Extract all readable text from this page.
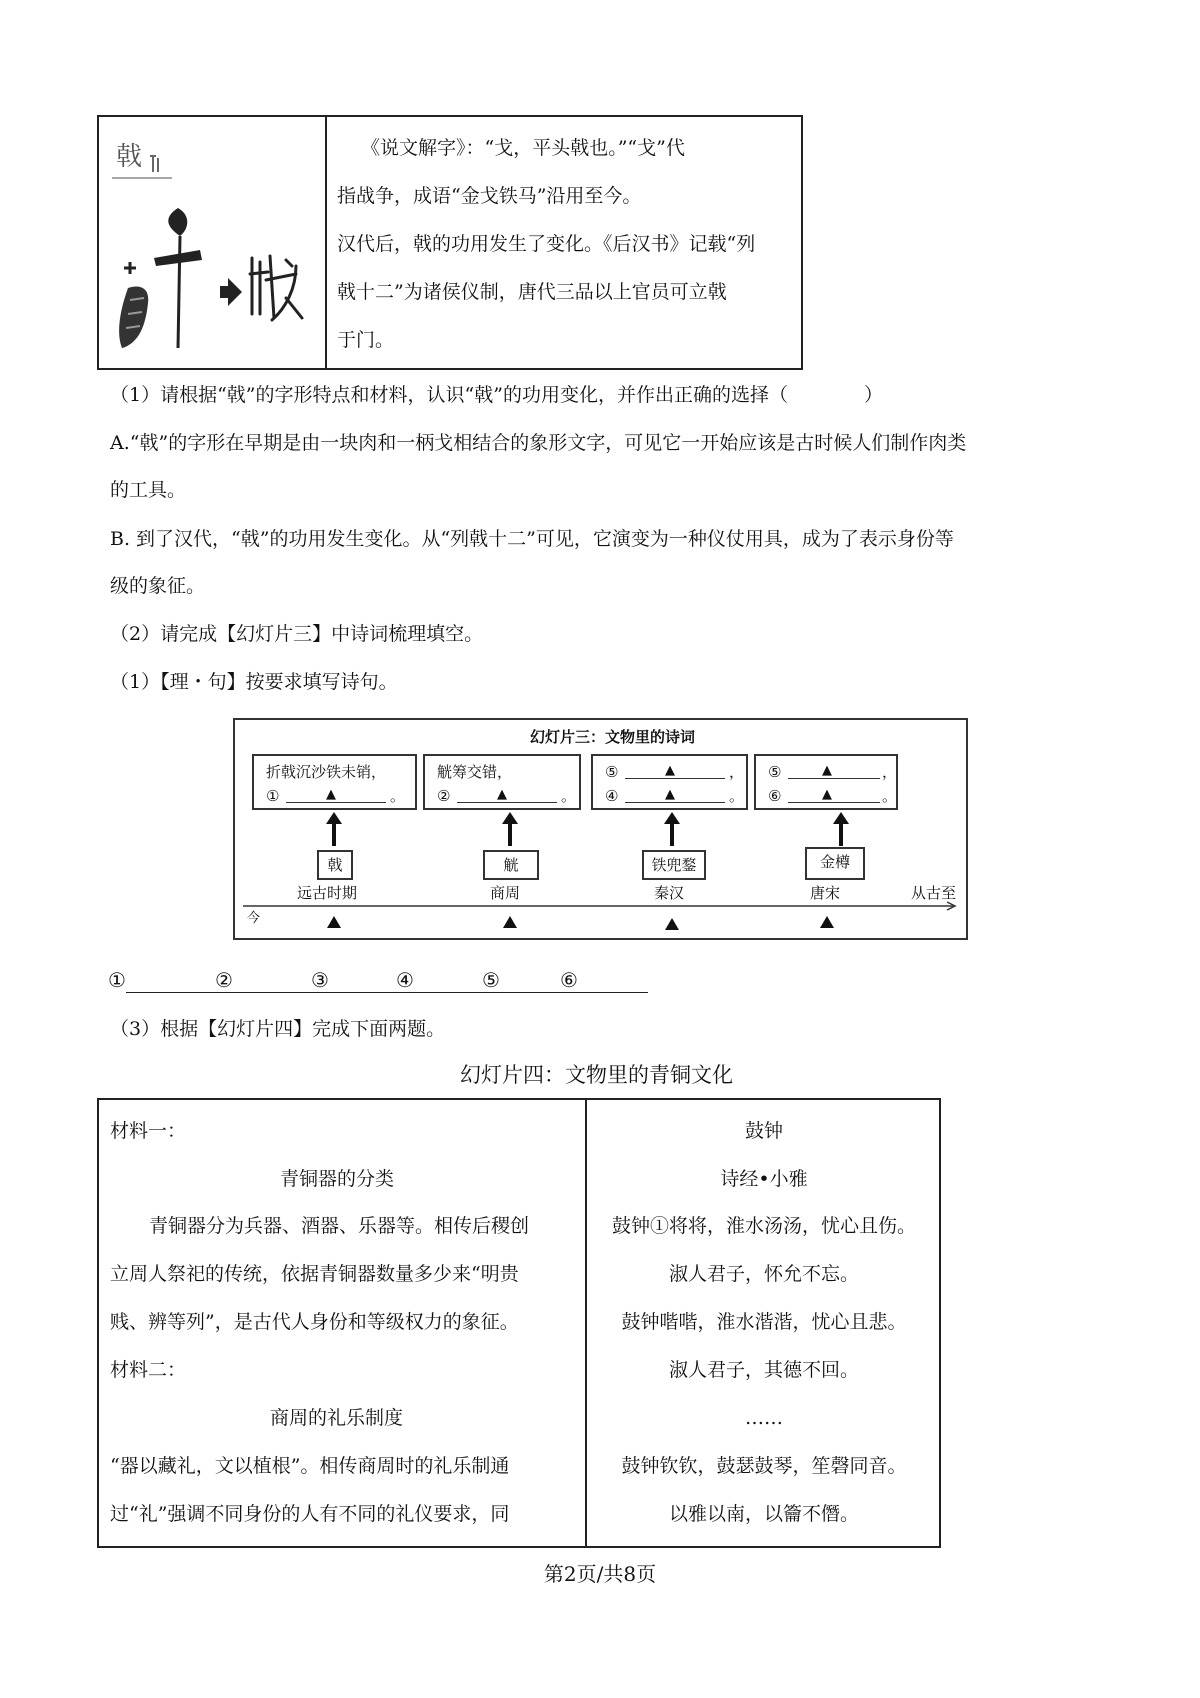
戟	《说文解字》：“戈，平头戟也。”“戈”代
指战争，成语“金戈铁马”沿用至今。
汉代后，戟的功用发生了变化。《后汉书》记载“列
戟十二”为诸侯仪制，唐代三品以上官员可立戟
于门。
（1）请根据“戟”的字形特点和材料，认识“戟”的功用变化，并作出正确的选择（　　　　）
A.“戟”的字形在早期是由一块肉和一柄戈相结合的象形文字，可见它一开始应该是古时候人们制作肉类
的工具。
B. 到了汉代，“戟”的功用发生变化。从“列戟十二”可见，它演变为一种仪仗用具，成为了表示身份等
级的象征。
（2）请完成【幻灯片三】中诗词梳理填空。
（1）【理・句】按要求填写诗句。
幻灯片三：文物里的诗词
折戟沉沙铁未销，
①	▲	。
觥筹交错，
②	▲	。
⑤	▲	，
④	▲	。
⑤	▲	，
⑥	▲	。
戟	觥	铁兜鍪	金樽
远古时期	商周	秦汉	唐宋	从古至
今
①	②	③	④	⑤	⑥
（3）根据【幻灯片四】完成下面两题。
幻灯片四：文物里的青铜文化
材料一：
青铜器的分类
青铜器分为兵器、酒器、乐器等。相传后稷创
立周人祭祀的传统，依据青铜器数量多少来“明贵
贱、辨等列”，是古代人身份和等级权力的象征。
材料二：
商周的礼乐制度
“器以藏礼，文以植根”。相传商周时的礼乐制通
过“礼”强调不同身份的人有不同的礼仪要求，同
鼓钟
诗经•小雅
鼓钟①将将，淮水汤汤，忧心且伤。
淑人君子，怀允不忘。
鼓钟喈喈，淮水湝湝，忧心且悲。
淑人君子，其德不回。
……
鼓钟钦钦，鼓瑟鼓琴，笙磬同音。
以雅以南，以籥不僭。
第2页/共8页
